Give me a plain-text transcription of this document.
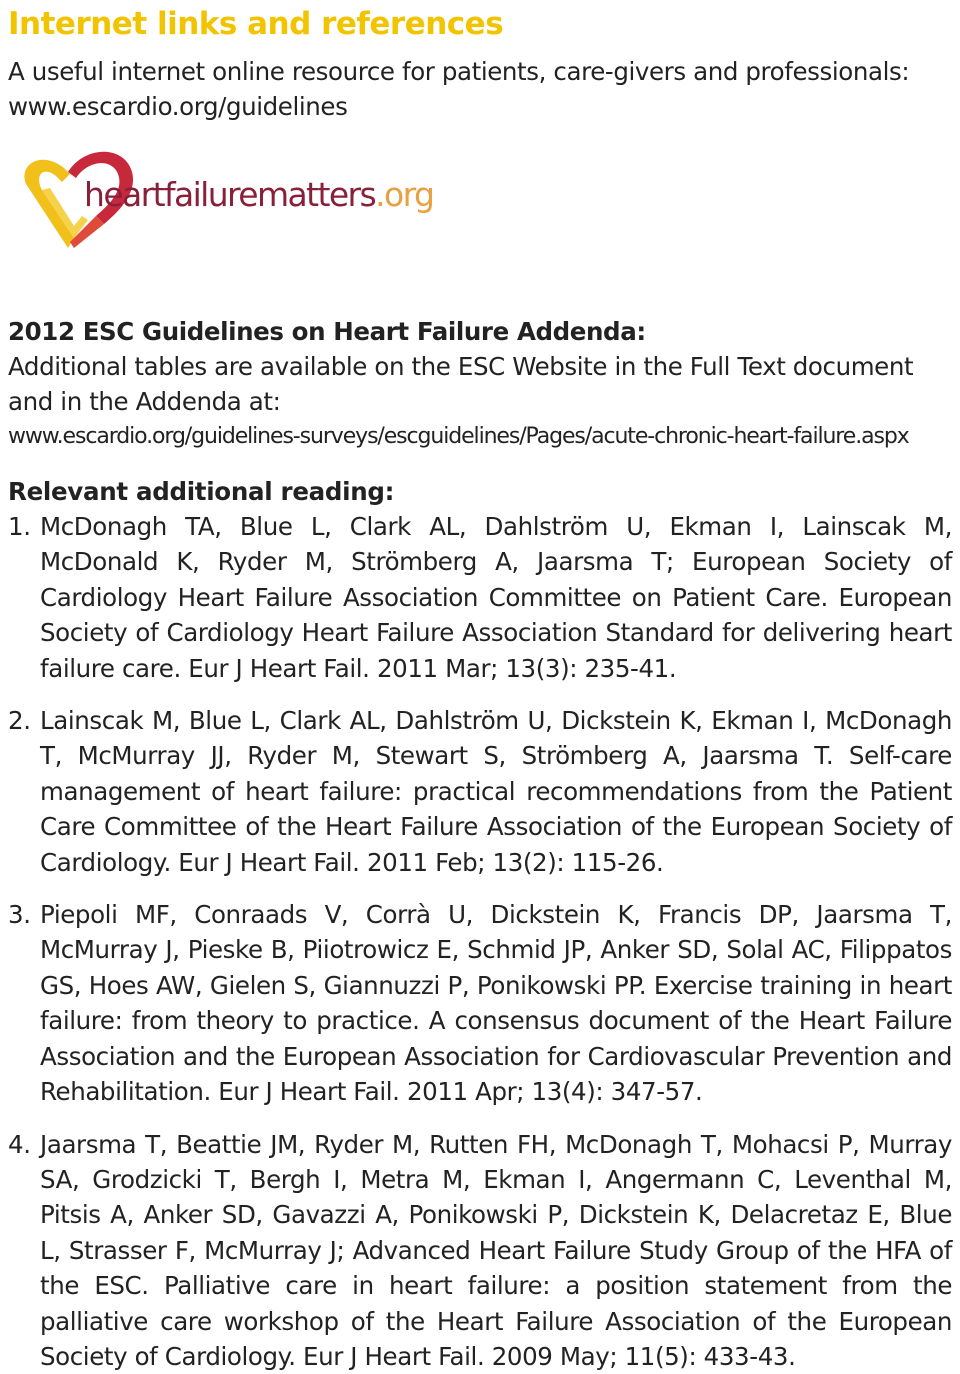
Internet links and references
A useful internet online resource for patients, care-givers and professionals:
www.escardio.org/guidelines
heartfailurematters.org
2012 ESC Guidelines on Heart Failure Addenda:
Additional tables are available on the ESC Website in the Full Text document and in the Addenda at:
www.escardio.org/guidelines-surveys/escguidelines/Pages/acute-chronic-heart-failure.aspx
Relevant additional reading:
1. McDonagh TA, Blue L, Clark AL, Dahlström U, Ekman I, Lainscak M, McDonald K, Ryder M, Strömberg A, Jaarsma T; European Society of Cardiology Heart Failure Association Committee on Patient Care. European Society of Cardiology Heart Failure Association Standard for delivering heart failure care. Eur J Heart Fail. 2011 Mar; 13(3): 235-41.
2. Lainscak M, Blue L, Clark AL, Dahlström U, Dickstein K, Ekman I, McDonagh T, McMurray JJ, Ryder M, Stewart S, Strömberg A, Jaarsma T. Self-care management of heart failure: practical recommendations from the Patient Care Committee of the Heart Failure Association of the European Society of Cardiology. Eur J Heart Fail. 2011 Feb; 13(2): 115-26.
3. Piepoli MF, Conraads V, Corrà U, Dickstein K, Francis DP, Jaarsma T, McMurray J, Pieske B, Piiotrowicz E, Schmid JP, Anker SD, Solal AC, Filippatos GS, Hoes AW, Gielen S, Giannuzzi P, Ponikowski PP. Exercise training in heart failure: from theory to practice. A consensus document of the Heart Failure Association and the European Association for Cardiovascular Prevention and Rehabilitation. Eur J Heart Fail. 2011 Apr; 13(4): 347-57.
4. Jaarsma T, Beattie JM, Ryder M, Rutten FH, McDonagh T, Mohacsi P, Murray SA, Grodzicki T, Bergh I, Metra M, Ekman I, Angermann C, Leventhal M, Pitsis A, Anker SD, Gavazzi A, Ponikowski P, Dickstein K, Delacretaz E, Blue L, Strasser F, McMurray J; Advanced Heart Failure Study Group of the HFA of the ESC. Palliative care in heart failure: a position statement from the palliative care workshop of the Heart Failure Association of the European Society of Cardiology. Eur J Heart Fail. 2009 May; 11(5): 433-43.
